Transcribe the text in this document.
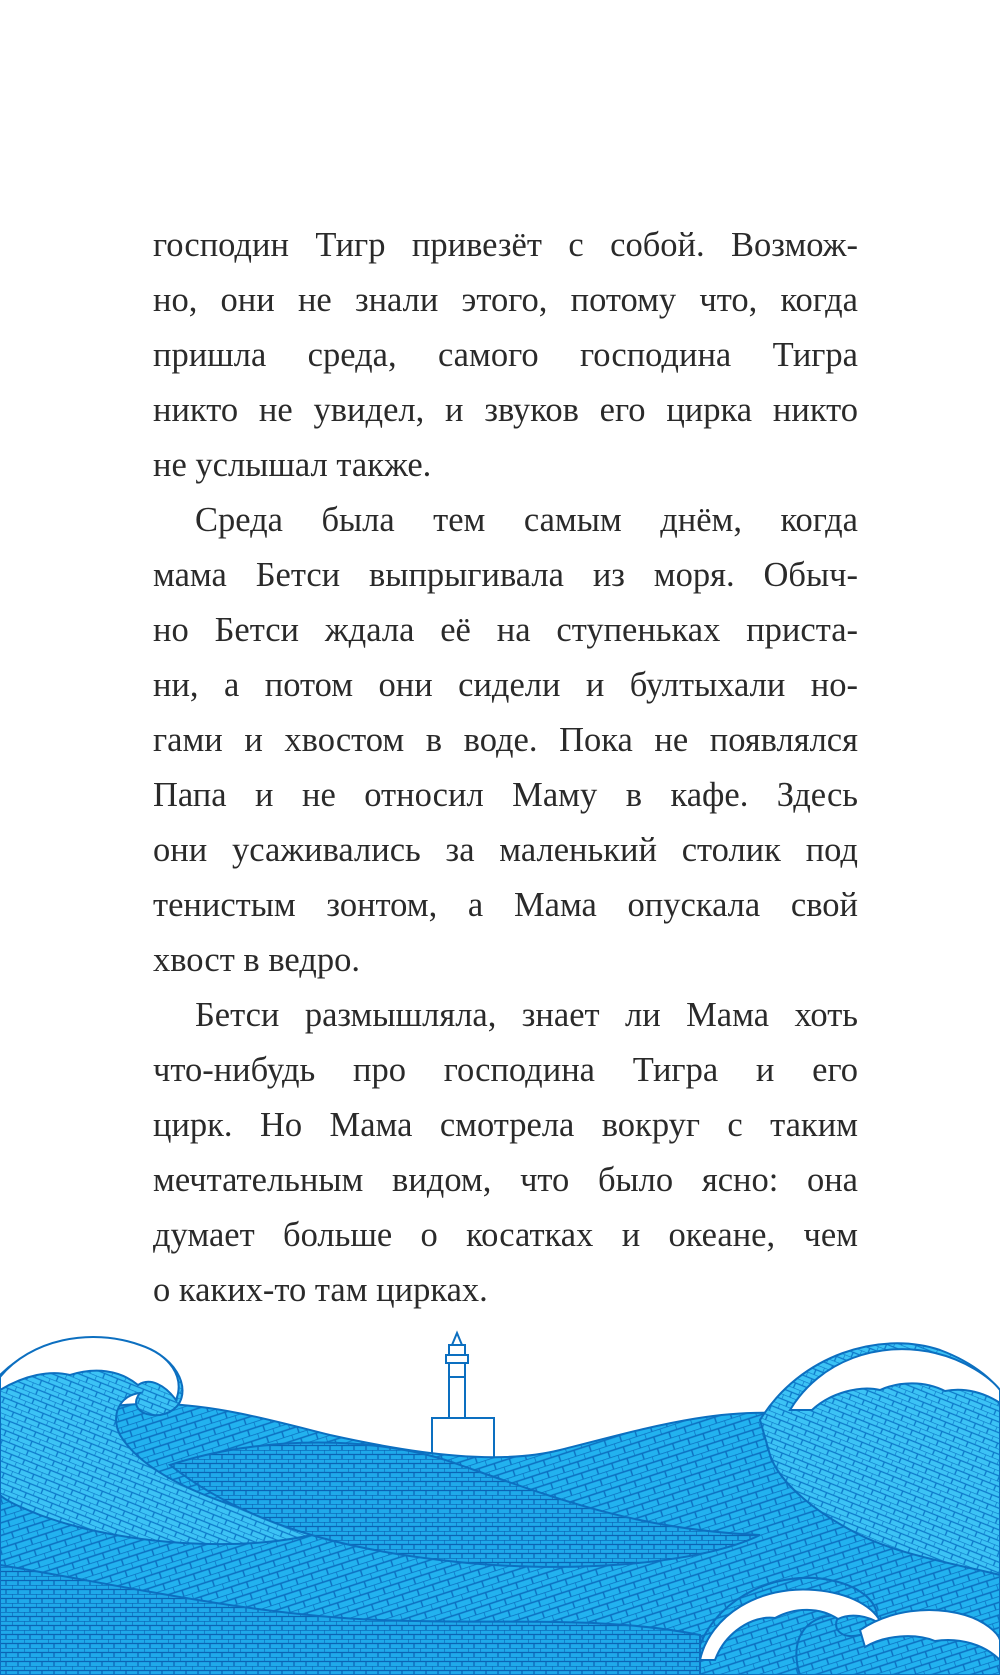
господин Тигр привезёт с собой. Возмож-
но, они не знали этого, потому что, когда
пришла среда, самого господина Тигра
никто не увидел, и звуков его цирка никто
не услышал также.
Среда была тем самым днём, когда
мама Бетси выпрыгивала из моря. Обыч-
но Бетси ждала её на ступеньках приста-
ни, а потом они сидели и бултыхали но-
гами и хвостом в воде. Пока не появлялся
Папа и не относил Маму в кафе. Здесь
они усаживались за маленький столик под
тенистым зонтом, а Мама опускала свой
хвост в ведро.
Бетси размышляла, знает ли Мама хоть
что-нибудь про господина Тигра и его
цирк. Но Мама смотрела вокруг с таким
мечтательным видом, что было ясно: она
думает больше о косатках и океане, чем
о каких-то там цирках.
